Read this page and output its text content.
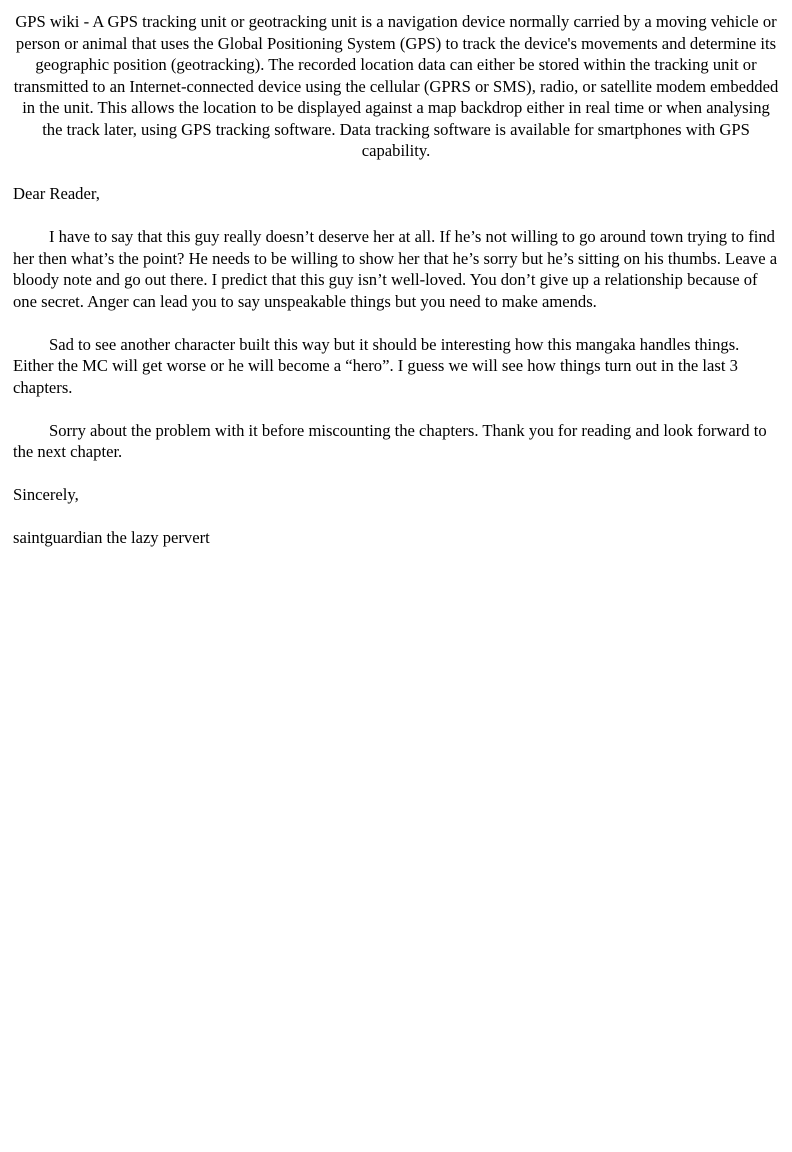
GPS wiki - A GPS tracking unit or geotracking unit is a navigation device normally carried by a moving vehicle or person or animal that uses the Global Positioning System (GPS) to track the device's movements and determine its geographic position (geotracking). The recorded location data can either be stored within the tracking unit or transmitted to an Internet-connected device using the cellular (GPRS or SMS), radio, or satellite modem embedded in the unit. This allows the location to be displayed against a map backdrop either in real time or when analysing the track later, using GPS tracking software. Data tracking software is available for smartphones with GPS capability.

Dear Reader,

I have to say that this guy really doesn’t deserve her at all. If he’s not willing to go around town trying to find her then what’s the point? He needs to be willing to show her that he’s sorry but he’s sitting on his thumbs. Leave a bloody note and go out there. I predict that this guy isn’t well-loved. You don’t give up a relationship because of one secret. Anger can lead you to say unspeakable things but you need to make amends.

Sad to see another character built this way but it should be interesting how this mangaka handles things. Either the MC will get worse or he will become a “hero”. I guess we will see how things turn out in the last 3 chapters.

Sorry about the problem with it before miscounting the chapters. Thank you for reading and look forward to the next chapter.

Sincerely,

saintguardian the lazy pervert
